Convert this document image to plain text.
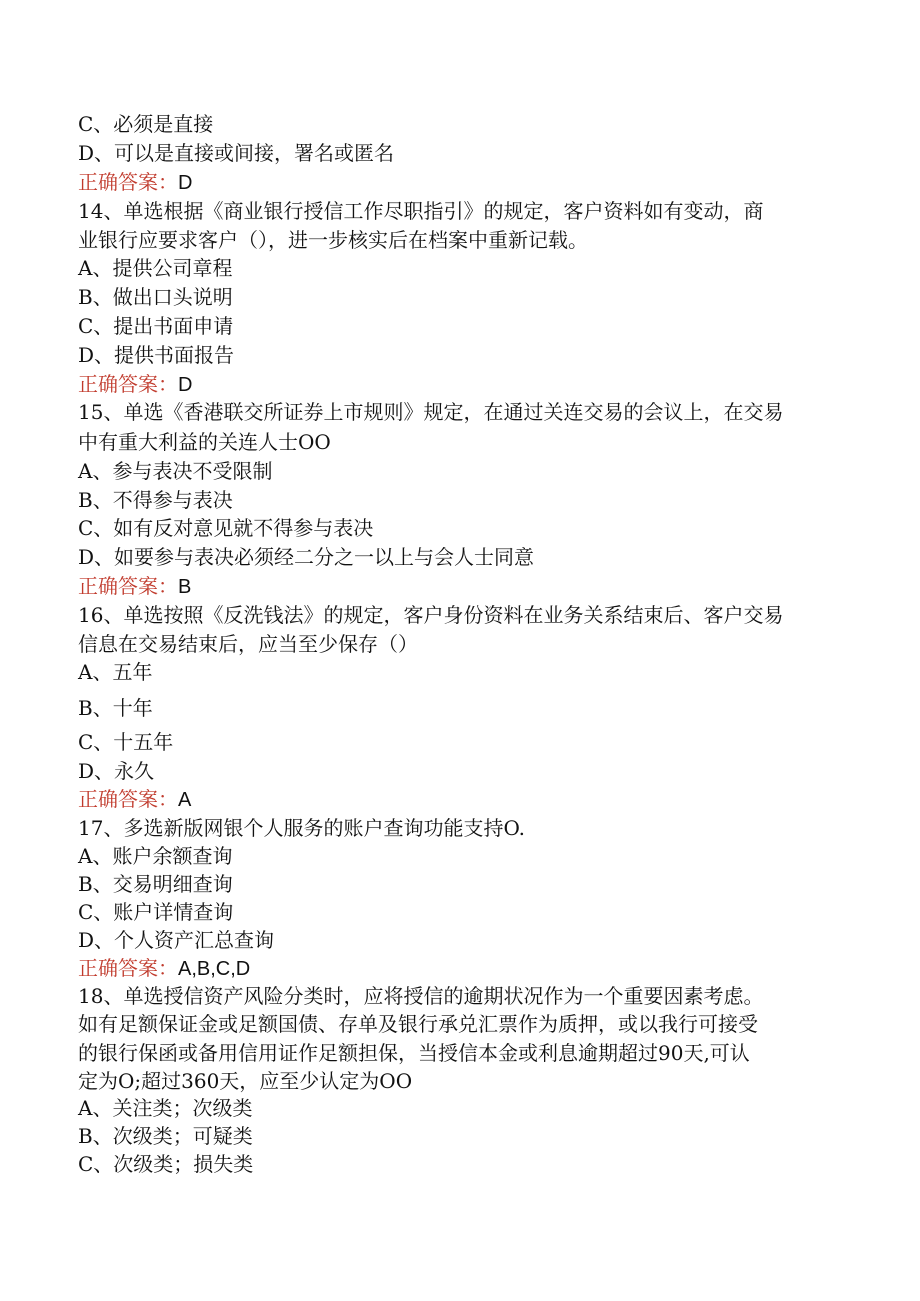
C、必须是直接
D、可以是直接或间接，署名或匿名
正确答案：D
14、单选根据《商业银行授信工作尽职指引》的规定，客户资料如有变动，商
业银行应要求客户（），进一步核实后在档案中重新记载。
A、提供公司章程
B、做出口头说明
C、提出书面申请
D、提供书面报告
正确答案：D
15、单选《香港联交所证券上市规则》规定，在通过关连交易的会议上，在交易
中有重大利益的关连人士OO
A、参与表决不受限制
B、不得参与表决
C、如有反对意见就不得参与表决
D、如要参与表决必须经二分之一以上与会人士同意
正确答案：B
16、单选按照《反洗钱法》的规定，客户身份资料在业务关系结束后、客户交易
信息在交易结束后，应当至少保存（）
A、五年
B、十年
C、十五年
D、永久
正确答案：A
17、多选新版网银个人服务的账户查询功能支持O.
A、账户余额查询
B、交易明细查询
C、账户详情查询
D、个人资产汇总查询
正确答案：A,B,C,D
18、单选授信资产风险分类时，应将授信的逾期状况作为一个重要因素考虑。
如有足额保证金或足额国债、存单及银行承兑汇票作为质押，或以我行可接受
的银行保函或备用信用证作足额担保，当授信本金或利息逾期超过90天,可认
定为O;超过360天，应至少认定为OO
A、关注类；次级类
B、次级类；可疑类
C、次级类；损失类
